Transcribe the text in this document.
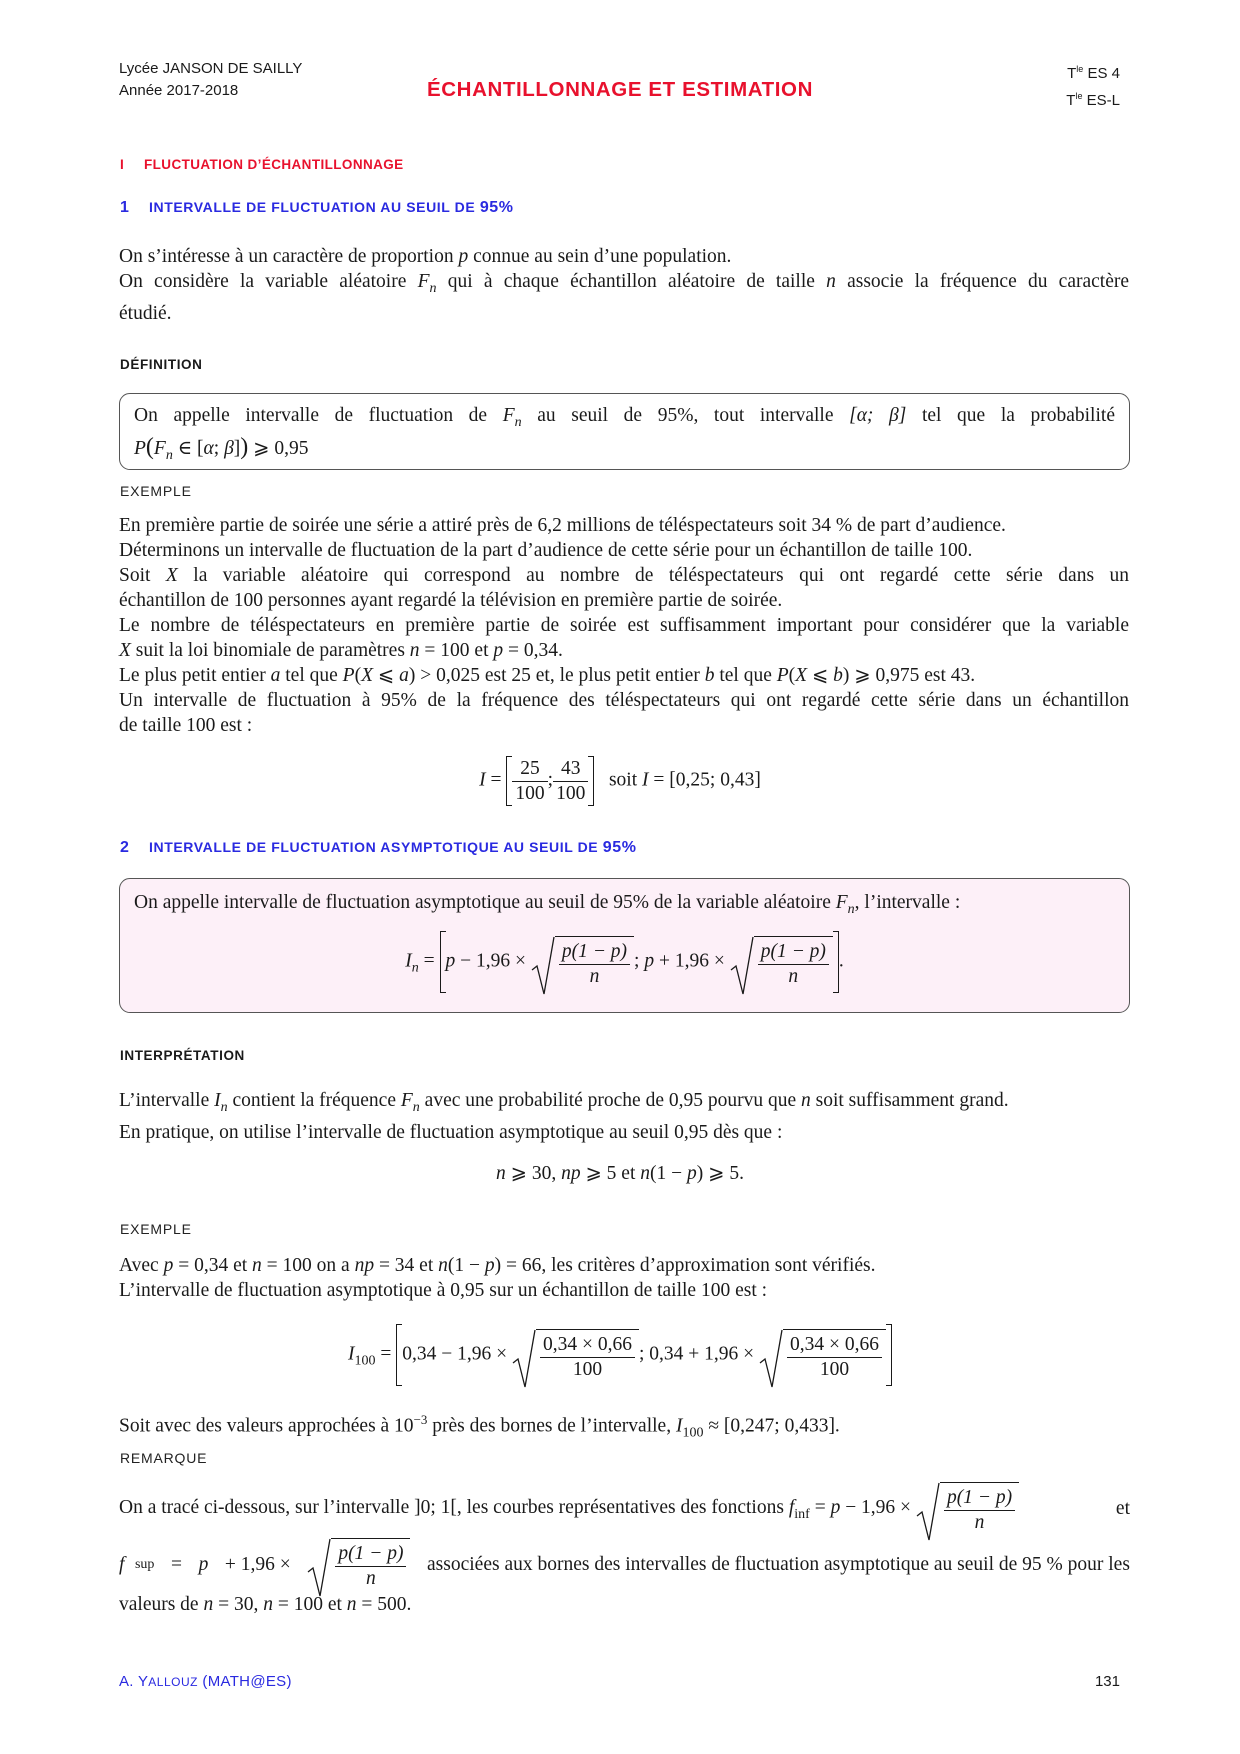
Lycée JANSON DE SAILLY
Année 2017-2018	ÉCHANTILLONNAGE ET ESTIMATION
$T^{le}$ ES 4
$T^{le}$ ES-L
I FLUCTUATION D’ÉCHANTILLONNAGE
1 INTERVALLE DE FLUCTUATION AU SEUIL DE 95%
On s’intéresse à un caractère de proportion p connue au sein d’une population.
On considère la variable aléatoire $F_n$ qui à chaque échantillon aléatoire de taille n associe la fréquence du caractère
étudié.
DÉFINITION
On appelle intervalle de fluctuation de $F_n$ au seuil de 95%, tout intervalle [α; β] tel que la probabilité
$P(F_n$ ∈ [α; β]) ⩾ 0,95
EXEMPLE
En première partie de soirée une série a attiré près de 6,2 millions de téléspectateurs soit 34 % de part d’audience.
Déterminons un intervalle de fluctuation de la part d’audience de cette série pour un échantillon de taille 100.
Soit X la variable aléatoire qui correspond au nombre de téléspectateurs qui ont regardé cette série dans un
échantillon de 100 personnes ayant regardé la télévision en première partie de soirée.
Le nombre de téléspectateurs en première partie de soirée est suffisamment important pour considérer que la variable
X suit la loi binomiale de paramètres n = 100 et p = 0,34.
Le plus petit entier a tel que P(X ⩽ a) > 0,025 est 25 et, le plus petit entier b tel que P(X ⩽ b) ⩾ 0,975 est 43.
Un intervalle de fluctuation à 95% de la fréquence des téléspectateurs qui ont regardé cette série dans un échantillon
de taille 100 est :
$I = \frac{25}{100}$ ; $\frac{43}{100}$ soit I = [0,25; 0,43]
2 INTERVALLE DE FLUCTUATION ASYMPTOTIQUE AU SEUIL DE 95%
On appelle intervalle de fluctuation asymptotique au seuil de 95% de la variable aléatoire $F_n$, l’intervalle :
$I_n = p - 1,96 \times \frac{p(1 - p)}{n}$ ; $p + 1,96 \times \frac{p(1 - p)}{n}$ .
INTERPRÉTATION
L’intervalle $I_n$ contient la fréquence $F_n$ avec une probabilité proche de 0,95 pourvu que n soit suffisamment grand.
En pratique, on utilise l’intervalle de fluctuation asymptotique au seuil 0,95 dès que :
n ⩾ 30, np ⩾ 5 et n(1 − p) ⩾ 5.
EXEMPLE
Avec p = 0,34 et n = 100 on a np = 34 et n(1 − p) = 66, les critères d’approximation sont vérifiés.
L’intervalle de fluctuation asymptotique à 0,95 sur un échantillon de taille 100 est :
$I_{100} = 0,34 - 1,96 \times \frac{0,34 \times 0,66}{100}$ ; $0,34 + 1,96 \times \frac{0,34 \times 0,66}{100}$
Soit avec des valeurs approchées à $10^{-3}$ près des bornes de l’intervalle, $I_{100} \approx [0,247$; 0,433].
REMARQUE
On a tracé ci-dessous, sur l’intervalle ]0; 1[, les courbes représentatives des fonctions $f_{inf} = p - 1,96 \times \frac{p(1 - p)}{n}$	et
f sup = $p + 1,96 \times \frac{p(1 - p)}{n}$ associées aux bornes des intervalles de fluctuation asymptotique au seuil de 95 % pour les
valeurs de n = 30, n = 100 et n = 500.
A. YALLOUZ (MATH@ES)	131
